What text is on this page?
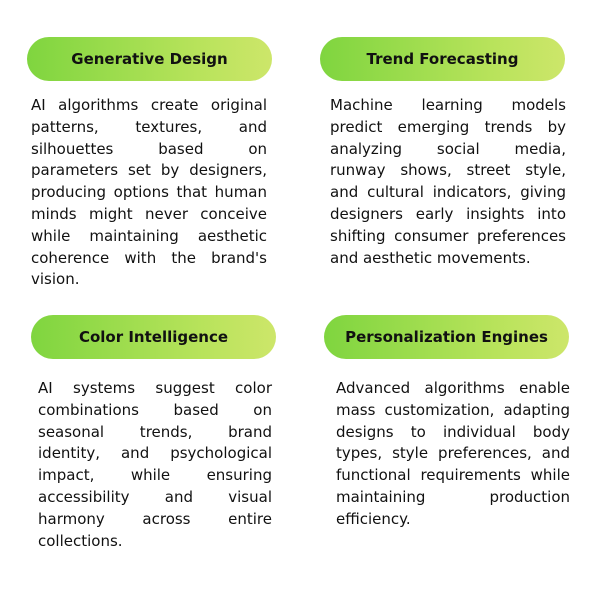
Generative Design

AI algorithms create original patterns, textures, and silhouettes based on parameters set by designers, producing options that human minds might never conceive while maintaining aesthetic coherence with the brand's vision.

Trend Forecasting

Machine learning models predict emerging trends by analyzing social media, runway shows, street style, and cultural indicators, giving designers early insights into shifting consumer preferences and aesthetic movements.

Color Intelligence

AI systems suggest color combinations based on seasonal trends, brand identity, and psychological impact, while ensuring accessibility and visual harmony across entire collections.

Personalization Engines

Advanced algorithms enable mass customization, adapting designs to individual body types, style preferences, and functional requirements while maintaining production efficiency.
